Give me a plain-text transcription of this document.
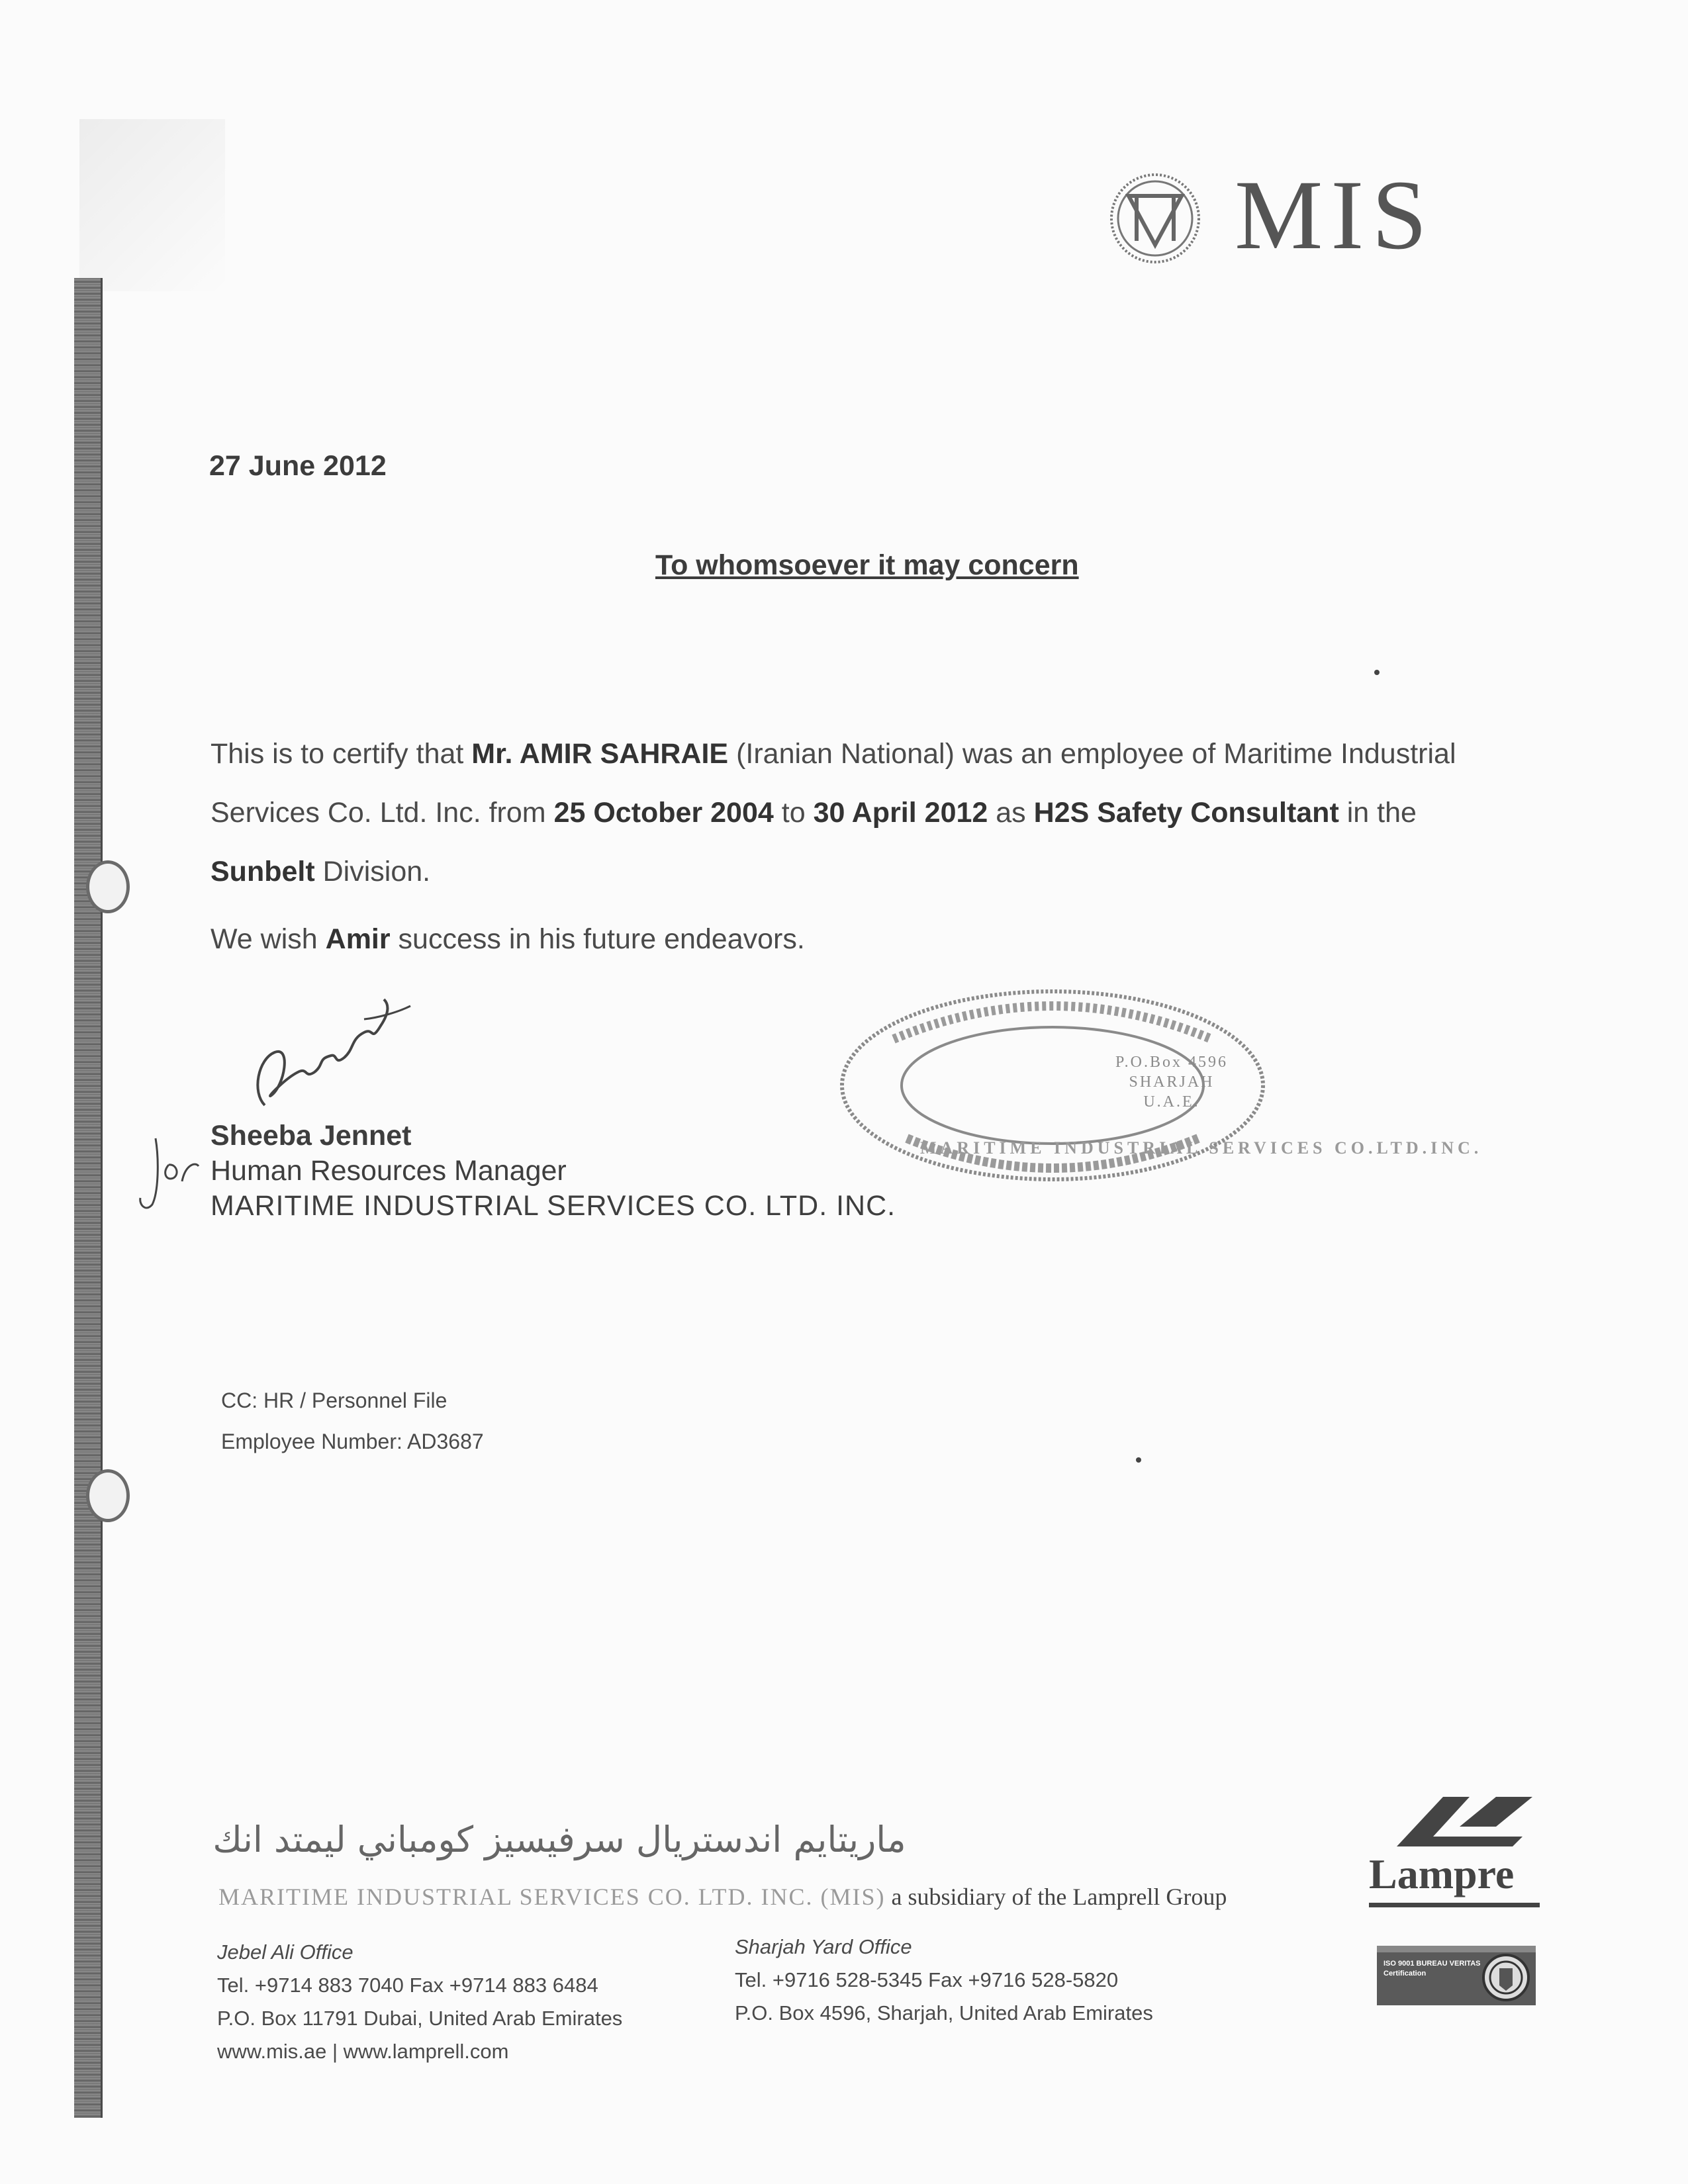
MIS
27 June 2012
To whomsoever it may concern
This is to certify that Mr. AMIR SAHRAIE (Iranian National) was an employee of Maritime Industrial Services Co. Ltd. Inc. from 25 October 2004 to 30 April 2012 as H2S Safety Consultant in the Sunbelt Division.
We wish Amir success in his future endeavors.
Sheeba Jennet
Human Resources Manager
MARITIME INDUSTRIAL SERVICES CO. LTD. INC.
P.O.Box 4596
SHARJAH
U.A.E.
MARITIME INDUSTRIAL SERVICES CO.LTD.INC.
CC: HR / Personnel File
Employee Number: AD3687
ماريتايم اندستريال سرفيسيز كومباني ليمتد انك
MARITIME INDUSTRIAL SERVICES CO. LTD. INC. (MIS) a subsidiary of the Lamprell Group
Jebel Ali Office
Tel. +9714 883 7040 Fax +9714 883 6484
P.O. Box 11791 Dubai, United Arab Emirates
www.mis.ae | www.lamprell.com
Sharjah Yard Office
Tel. +9716 528-5345 Fax +9716 528-5820
P.O. Box 4596, Sharjah, United Arab Emirates
Lampre
ISO 9001 BUREAU VERITAS Certification
